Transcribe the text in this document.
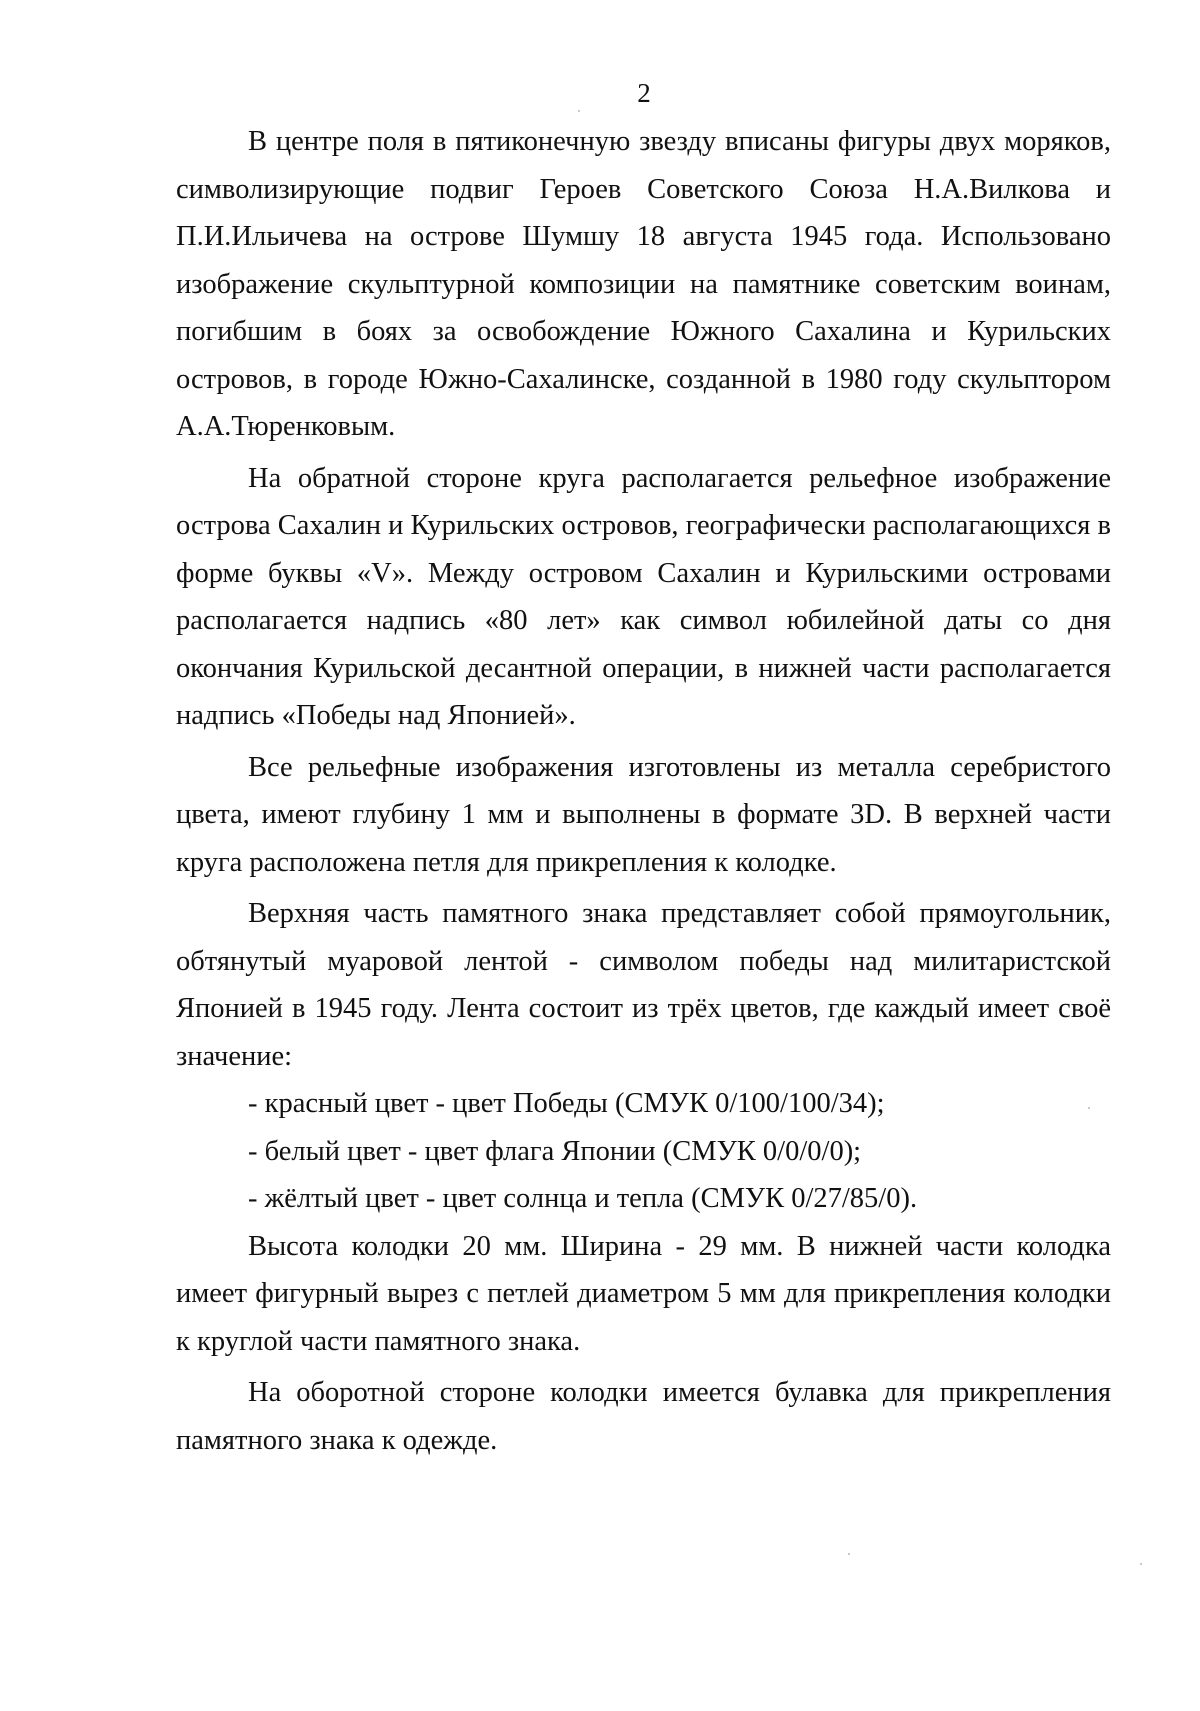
2

В центре поля в пятиконечную звезду вписаны фигуры двух моряков, символизирующие подвиг Героев Советского Союза Н.А.Вилкова и П.И.Ильичева на острове Шумшу 18 августа 1945 года. Использовано изображение скульптурной композиции на памятнике советским воинам, погибшим в боях за освобождение Южного Сахалина и Курильских островов, в городе Южно-Сахалинске, созданной в 1980 году скульптором А.А.Тюренковым.

На обратной стороне круга располагается рельефное изображение острова Сахалин и Курильских островов, географически располагающихся в форме буквы «V». Между островом Сахалин и Курильскими островами располагается надпись «80 лет» как символ юбилейной даты со дня окончания Курильской десантной операции, в нижней части располагается надпись «Победы над Японией».

Все рельефные изображения изготовлены из металла серебристого цвета, имеют глубину 1 мм и выполнены в формате 3D. В верхней части круга расположена петля для прикрепления к колодке.

Верхняя часть памятного знака представляет собой прямоугольник, обтянутый муаровой лентой - символом победы над милитаристской Японией в 1945 году. Лента состоит из трёх цветов, где каждый имеет своё значение:

- красный цвет - цвет Победы (СМУК 0/100/100/34);

- белый цвет - цвет флага Японии (СМУК 0/0/0/0);

- жёлтый цвет - цвет солнца и тепла (СМУК 0/27/85/0).

Высота колодки 20 мм. Ширина - 29 мм. В нижней части колодка имеет фигурный вырез с петлей диаметром 5 мм для прикрепления колодки к круглой части памятного знака.

На оборотной стороне колодки имеется булавка для прикрепления памятного знака к одежде.
